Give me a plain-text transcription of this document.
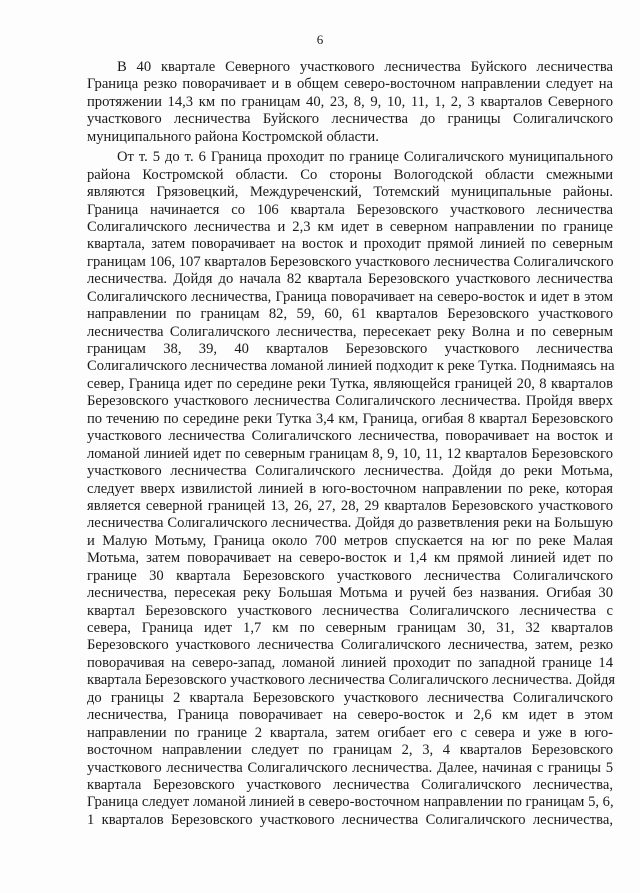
6
В 40 квартале Северного участкового лесничества Буйского лесничества
Граница резко поворачивает и в общем северо-восточном направлении следует на
протяжении 14,3 км по границам 40, 23, 8, 9, 10, 11, 1, 2, 3 кварталов Северного
участкового лесничества Буйского лесничества до границы Солигаличского
муниципального района Костромской области.
От т. 5 до т. 6 Граница проходит по границе Солигаличского муниципального
района Костромской области. Со стороны Вологодской области смежными
являются Грязовецкий, Междуреченский, Тотемский муниципальные районы.
Граница начинается со 106 квартала Березовского участкового лесничества
Солигаличского лесничества и 2,3 км идет в северном направлении по границе
квартала, затем поворачивает на восток и проходит прямой линией по северным
границам 106, 107 кварталов Березовского участкового лесничества Солигаличского
лесничества. Дойдя до начала 82 квартала Березовского участкового лесничества
Солигаличского лесничества, Граница поворачивает на северо-восток и идет в этом
направлении по границам 82, 59, 60, 61 кварталов Березовского участкового
лесничества Солигаличского лесничества, пересекает реку Волна и по северным
границам 38, 39, 40 кварталов Березовского участкового лесничества
Солигаличского лесничества ломаной линией подходит к реке Тутка. Поднимаясь на
север, Граница идет по середине реки Тутка, являющейся границей 20, 8 кварталов
Березовского участкового лесничества Солигаличского лесничества. Пройдя вверх
по течению по середине реки Тутка 3,4 км, Граница, огибая 8 квартал Березовского
участкового лесничества Солигаличского лесничества, поворачивает на восток и
ломаной линией идет по северным границам 8, 9, 10, 11, 12 кварталов Березовского
участкового лесничества Солигаличского лесничества. Дойдя до реки Мотьма,
следует вверх извилистой линией в юго-восточном направлении по реке, которая
является северной границей 13, 26, 27, 28, 29 кварталов Березовского участкового
лесничества Солигаличского лесничества. Дойдя до разветвления реки на Большую
и Малую Мотьму, Граница около 700 метров спускается на юг по реке Малая
Мотьма, затем поворачивает на северо-восток и 1,4 км прямой линией идет по
границе 30 квартала Березовского участкового лесничества Солигаличского
лесничества, пересекая реку Большая Мотьма и ручей без названия. Огибая 30
квартал Березовского участкового лесничества Солигаличского лесничества с
севера, Граница идет 1,7 км по северным границам 30, 31, 32 кварталов
Березовского участкового лесничества Солигаличского лесничества, затем, резко
поворачивая на северо-запад, ломаной линией проходит по западной границе 14
квартала Березовского участкового лесничества Солигаличского лесничества. Дойдя
до границы 2 квартала Березовского участкового лесничества Солигаличского
лесничества, Граница поворачивает на северо-восток и 2,6 км идет в этом
направлении по границе 2 квартала, затем огибает его с севера и уже в юго-
восточном направлении следует по границам 2, 3, 4 кварталов Березовского
участкового лесничества Солигаличского лесничества. Далее, начиная с границы 5
квартала Березовского участкового лесничества Солигаличского лесничества,
Граница следует ломаной линией в северо-восточном направлении по границам 5, 6,
1 кварталов Березовского участкового лесничества Солигаличского лесничества,
